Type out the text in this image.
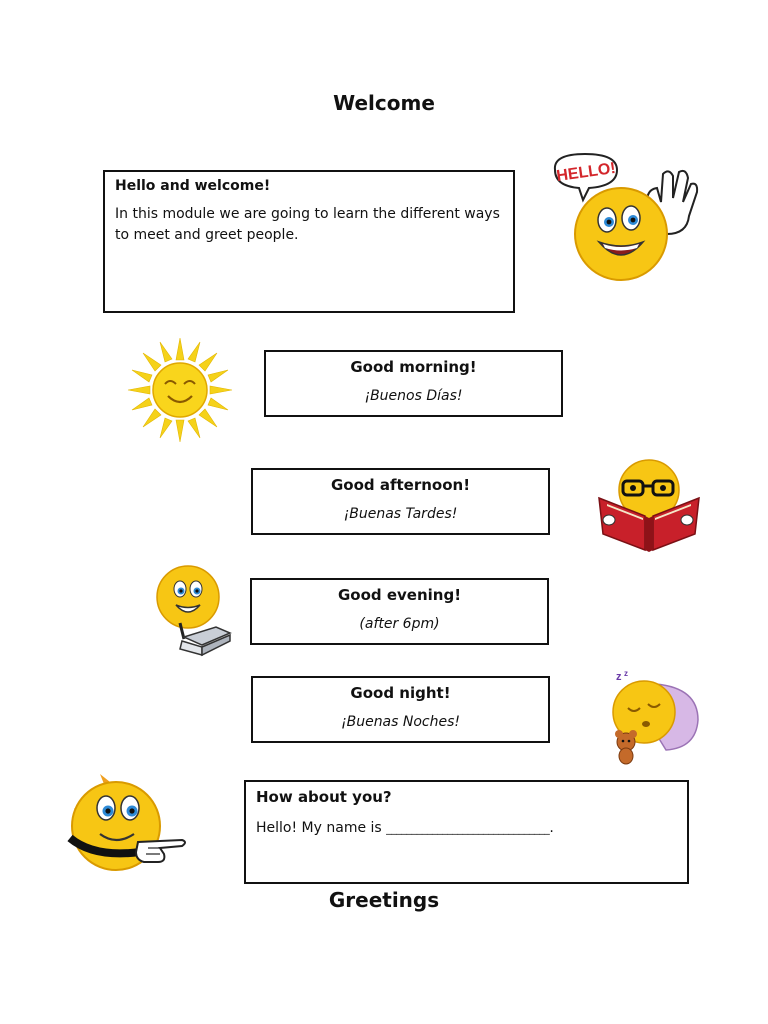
Welcome
Hello and welcome!
In this module we are going to learn the different ways to meet and greet people.
HELLO!
Good morning!
¡Buenos Días!
Good afternoon!
¡Buenas Tardes!
Good evening!
(after 6pm)
Good night!
¡Buenas Noches!
z z
How about you?
Hello! My name is ________________________________.
Greetings
